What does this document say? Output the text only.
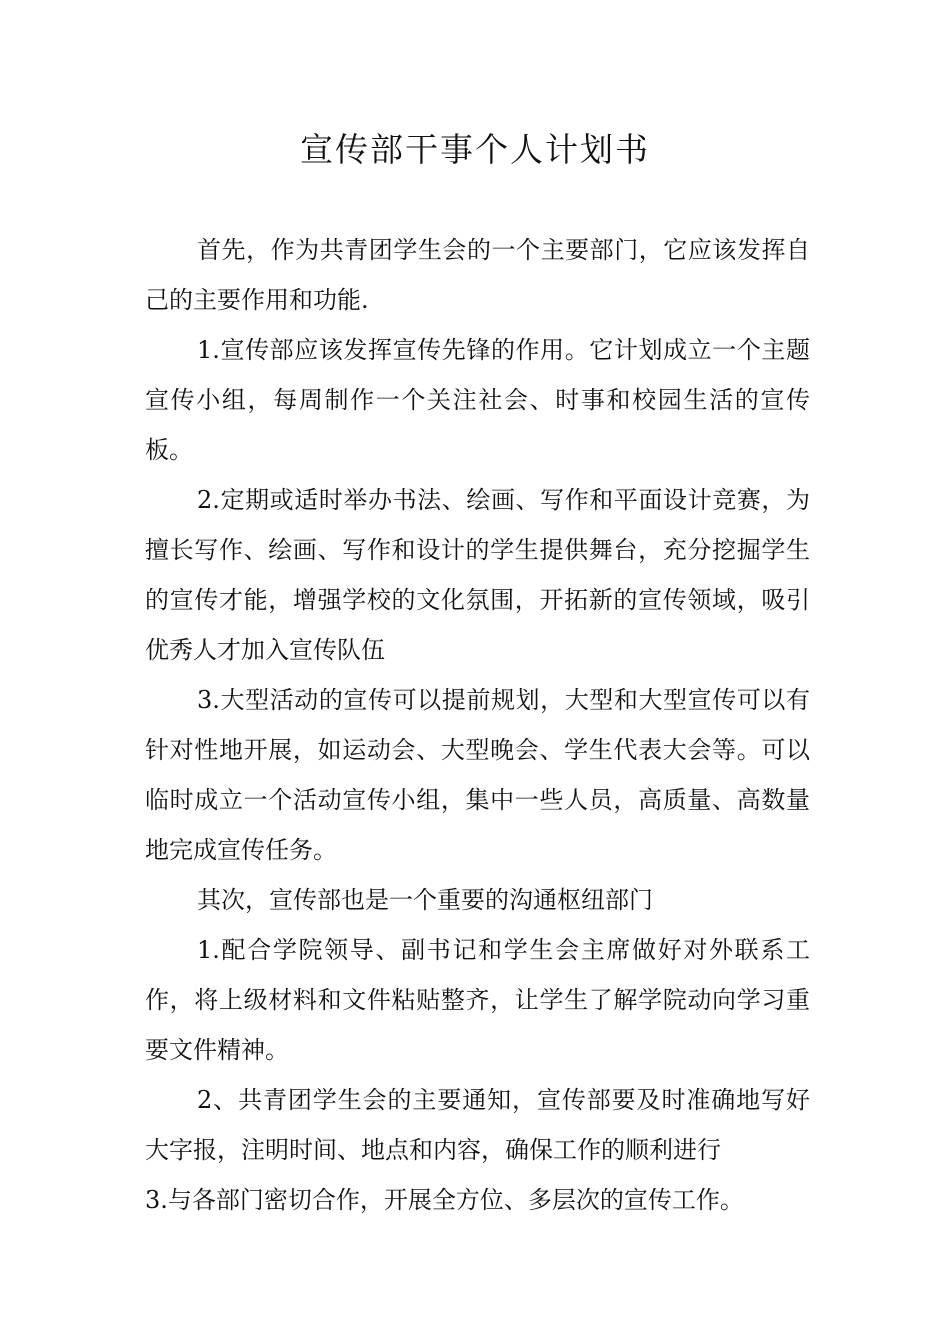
宣传部干事个人计划书

首先，作为共青团学生会的一个主要部门，它应该发挥自己的主要作用和功能.

1.宣传部应该发挥宣传先锋的作用。它计划成立一个主题宣传小组，每周制作一个关注社会、时事和校园生活的宣传板。

2.定期或适时举办书法、绘画、写作和平面设计竞赛，为擅长写作、绘画、写作和设计的学生提供舞台，充分挖掘学生的宣传才能，增强学校的文化氛围，开拓新的宣传领域，吸引优秀人才加入宣传队伍

3.大型活动的宣传可以提前规划，大型和大型宣传可以有针对性地开展，如运动会、大型晚会、学生代表大会等。可以临时成立一个活动宣传小组，集中一些人员，高质量、高数量地完成宣传任务。

其次，宣传部也是一个重要的沟通枢纽部门

1.配合学院领导、副书记和学生会主席做好对外联系工作，将上级材料和文件粘贴整齐，让学生了解学院动向学习重要文件精神。

2、共青团学生会的主要通知，宣传部要及时准确地写好大字报，注明时间、地点和内容，确保工作的顺利进行

3.与各部门密切合作，开展全方位、多层次的宣传工作。
